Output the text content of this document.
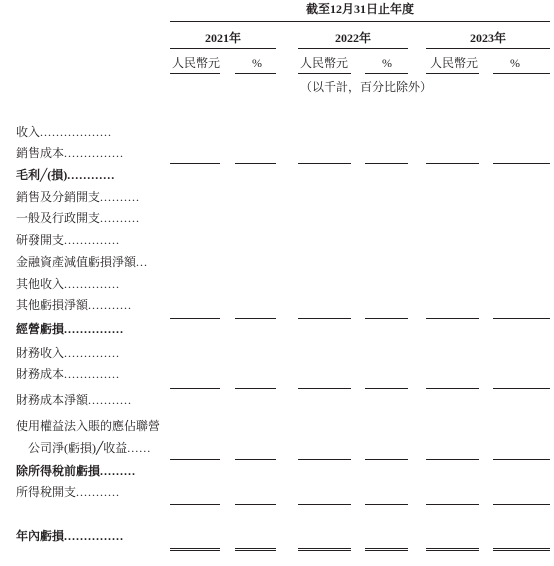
截至12月31日止年度
2021年	2022年	2023年
人民幣元	%	人民幣元	%	人民幣元	%
（以千計，百分比除外）
收入..................
銷售成本...............
毛利╱(損)............
銷售及分銷開支..........
一般及行政開支..........
研發開支..............
金融資產減值虧損淨額...
其他收入..............
其他虧損淨額...........
經營虧損...............
財務收入..............
財務成本..............
財務成本淨額...........
使用權益法入賬的應佔聯營
公司淨(虧損)╱收益......
除所得稅前虧損.........
所得稅開支...........
年內虧損...............
